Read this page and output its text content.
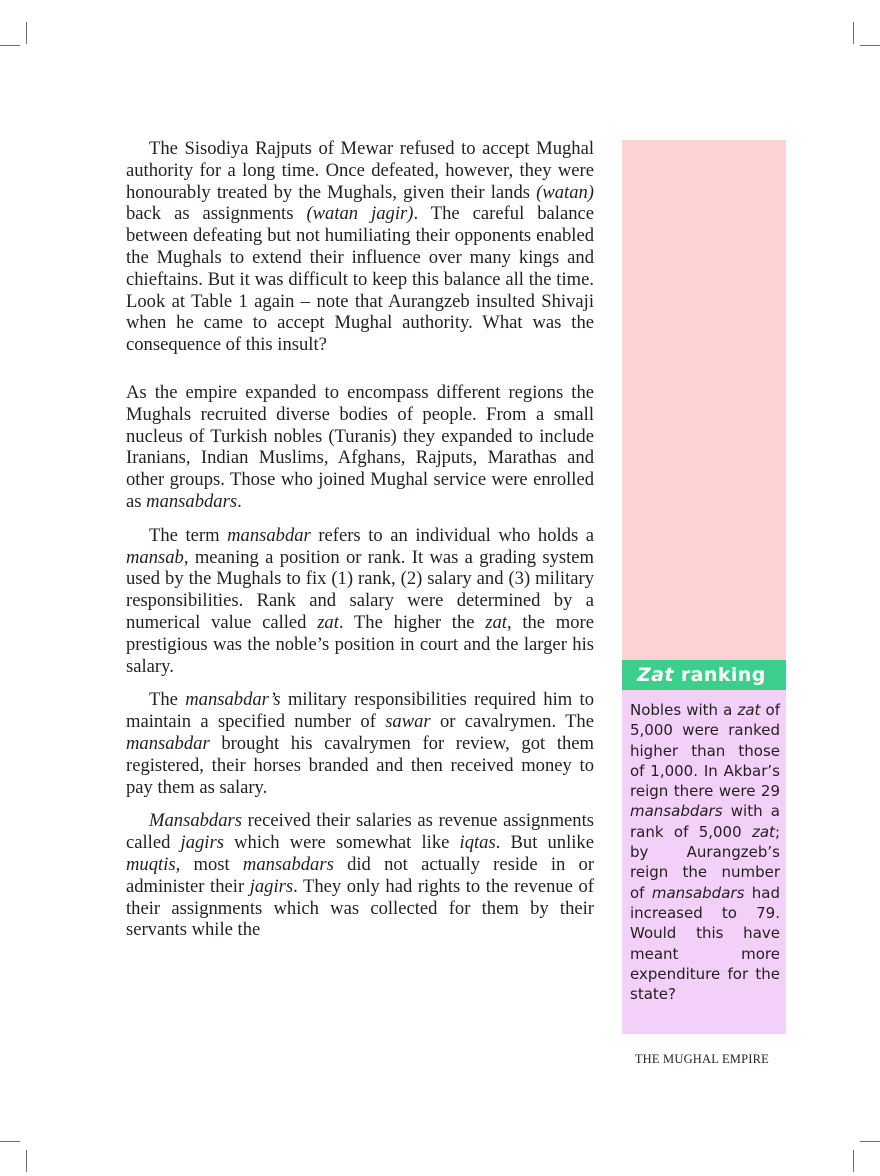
The Sisodiya Rajputs of Mewar refused to accept Mughal authority for a long time. Once defeated, however, they were honourably treated by the Mughals, given their lands (watan) back as assignments (watan jagir). The careful balance between defeating but not humiliating their opponents enabled the Mughals to extend their influence over many kings and chieftains. But it was difficult to keep this balance all the time. Look at Table 1 again – note that Aurangzeb insulted Shivaji when he came to accept Mughal authority. What was the consequence of this insult?

As the empire expanded to encompass different regions the Mughals recruited diverse bodies of people. From a small nucleus of Turkish nobles (Turanis) they expanded to include Iranians, Indian Muslims, Afghans, Rajputs, Marathas and other groups. Those who joined Mughal service were enrolled as mansabdars.

The term mansabdar refers to an individual who holds a mansab, meaning a position or rank. It was a grading system used by the Mughals to fix (1) rank, (2) salary and (3) military responsibilities. Rank and salary were determined by a numerical value called zat. The higher the zat, the more prestigious was the noble’s position in court and the larger his salary.

The mansabdar’s military responsibilities required him to maintain a specified number of sawar or cavalrymen. The mansabdar brought his cavalrymen for review, got them registered, their horses branded and then received money to pay them as salary.

Mansabdars received their salaries as revenue assignments called jagirs which were somewhat like iqtas. But unlike muqtis, most mansabdars did not actually reside in or administer their jagirs. They only had rights to the revenue of their assignments which was collected for them by their servants while the

Zat ranking
Nobles with a zat of 5,000 were ranked higher than those of 1,000. In Akbar’s reign there were 29 mansabdars with a rank of 5,000 zat; by Aurangzeb’s reign the number of mansabdars had increased to 79. Would this have meant more expenditure for the state?
THE MUGHAL EMPIRE
